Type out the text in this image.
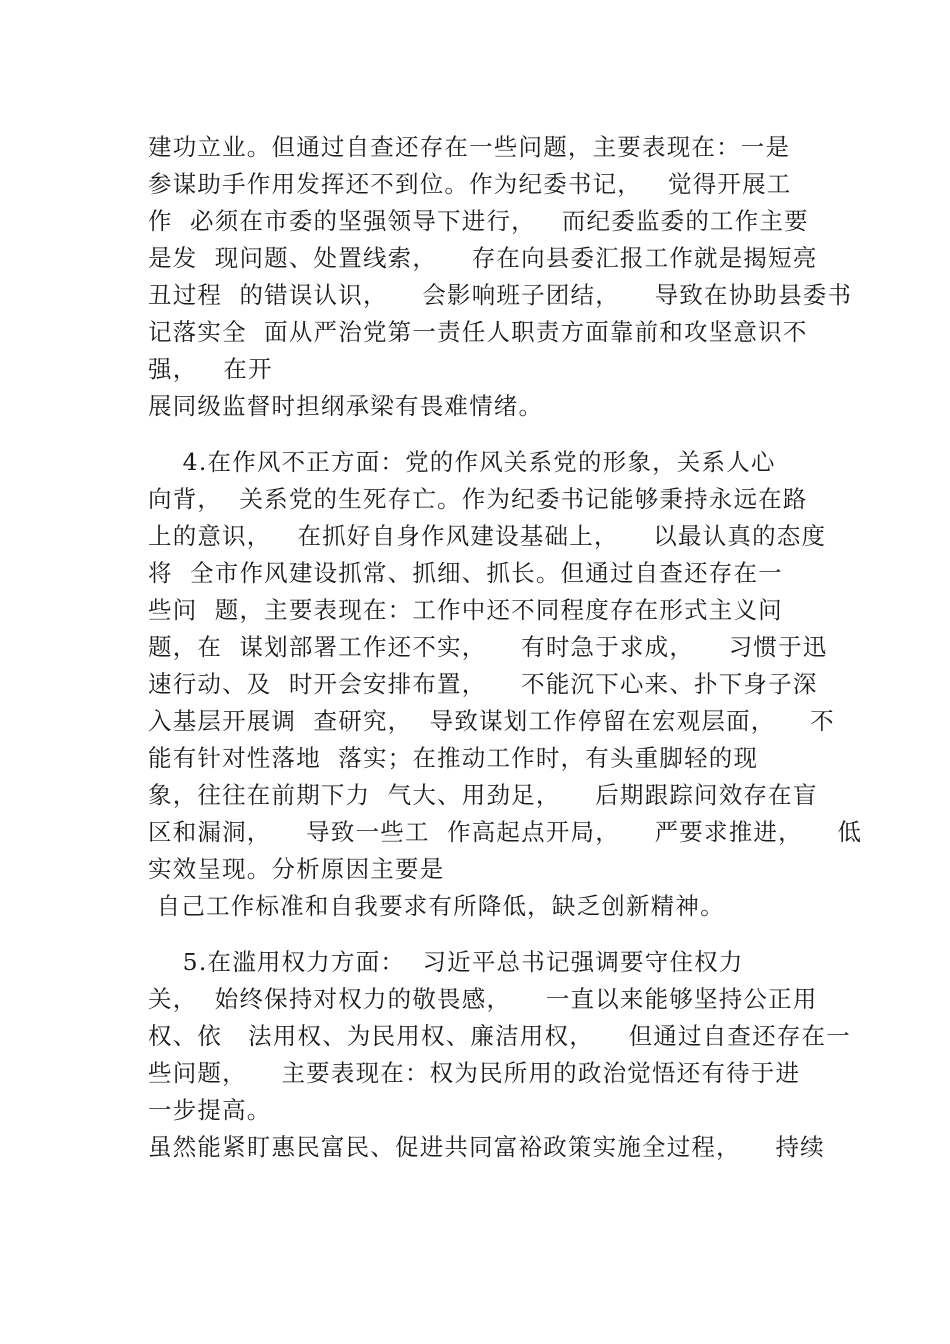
建功立业。但通过自查还存在一些问题，主要表现在：一是

参谋助手作用发挥还不到位。作为纪委书记，   觉得开展工

作  必须在市委的坚强领导下进行，   而纪委监委的工作主要

是发  现问题、处置线索，    存在向县委汇报工作就是揭短亮

丑过程  的错误认识，    会影响班子团结，    导致在协助县委书

记落实全  面从严治党第一责任人职责方面靠前和攻坚意识不

强，   在开

展同级监督时担纲承梁有畏难情绪。

4.在作风不正方面：党的作风关系党的形象，关系人心

向背，  关系党的生死存亡。作为纪委书记能够秉持永远在路

上的意识，   在抓好自身作风建设基础上，    以最认真的态度

将  全市作风建设抓常、抓细、抓长。但通过自查还存在一

些问  题，主要表现在：工作中还不同程度存在形式主义问

题，在  谋划部署工作还不实，    有时急于求成，    习惯于迅

速行动、及  时开会安排布置，    不能沉下心来、扑下身子深

入基层开展调  查研究，  导致谋划工作停留在宏观层面，    不

能有针对性落地  落实；在推动工作时，有头重脚轻的现

象，往往在前期下力  气大、用劲足，    后期跟踪问效存在盲

区和漏洞，    导致一些工  作高起点开局，    严要求推进，    低

实效呈现。分析原因主要是

自己工作标准和自我要求有所降低，缺乏创新精神。

5.在滥用权力方面：  习近平总书记强调要守住权力

关，  始终保持对权力的敬畏感，    一直以来能够坚持公正用

权、依   法用权、为民用权、廉洁用权，    但通过自查还存在一

些问题，    主要表现在：权为民所用的政治觉悟还有待于进

一步提高。

虽然能紧盯惠民富民、促进共同富裕政策实施全过程，    持续
